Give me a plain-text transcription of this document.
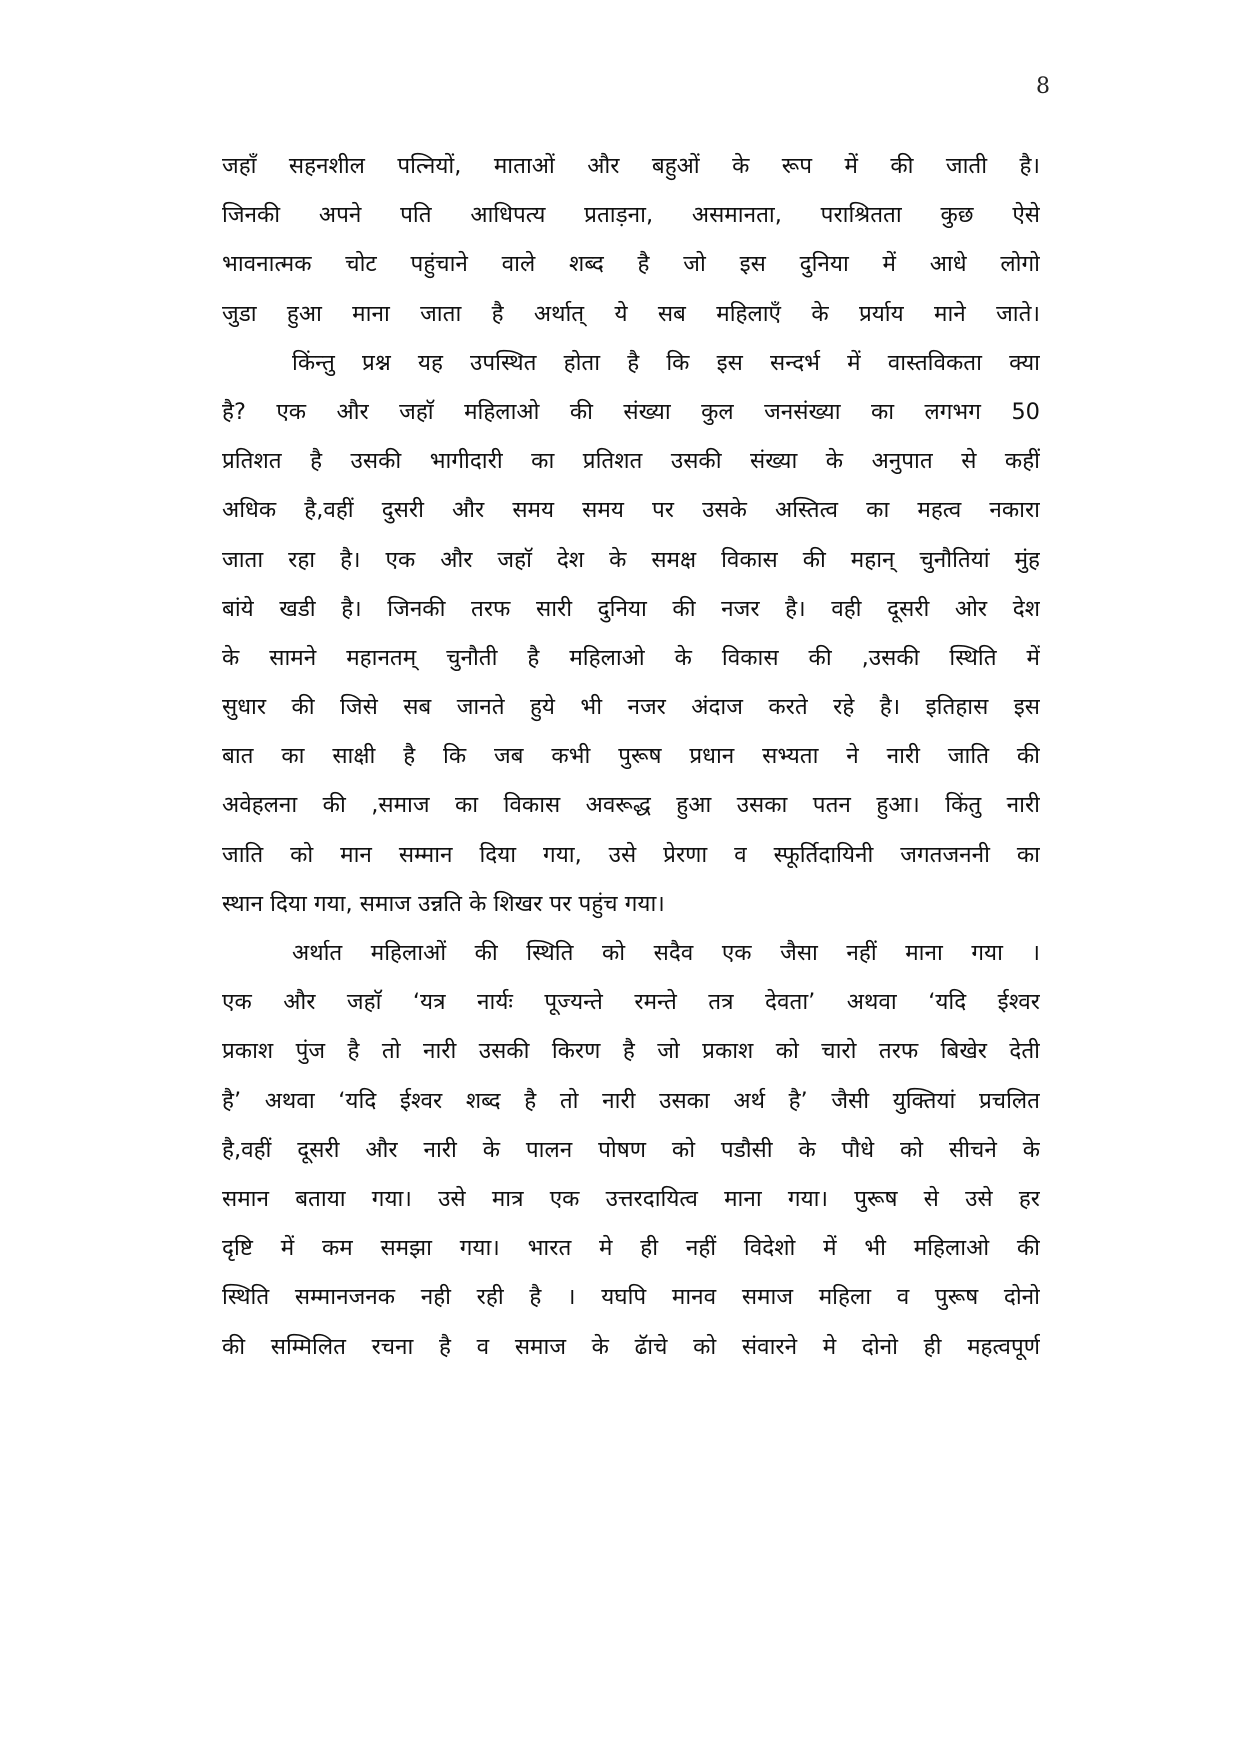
8
जहाँ सहनशील पत्नियों, माताओं और बहुओं के रूप में की जाती है।
जिनकी अपने पति आधिपत्य प्रताड़ना, असमानता, पराश्रितता कुछ ऐसे
भावनात्मक चोट पहुंचाने वाले शब्द है जो इस दुनिया में आधे लोगो
जुडा हुआ माना जाता है अर्थात् ये सब महिलाएँ के प्रर्याय माने जाते।
किंन्तु प्रश्न यह उपस्थित होता है कि इस सन्दर्भ में वास्तविकता क्या
है? एक और जहाॅ महिलाओ की संख्या कुल जनसंख्या का लगभग 50
प्रतिशत है उसकी भागीदारी का प्रतिशत उसकी संख्या के अनुपात से कहीं
अधिक है,वहीं दुसरी और समय समय पर उसके अस्तित्व का महत्व नकारा
जाता रहा है। एक और जहाॅ देश के समक्ष विकास की महान् चुनौतियां मुंह
बांये खडी है। जिनकी तरफ सारी दुनिया की नजर है। वही दूसरी ओर देश
के सामने महानतम् चुनौती है महिलाओ के विकास की ,उसकी स्थिति में
सुधार की जिसे सब जानते हुये भी नजर अंदाज करते रहे है। इतिहास इस
बात का साक्षी है कि जब कभी पुरूष प्रधान सभ्यता ने नारी जाति की
अवेहलना की ,समाज का विकास अवरूद्ध हुआ उसका पतन हुआ। किंतु नारी
जाति को मान सम्मान दिया गया, उसे प्रेरणा व स्फूर्तिदायिनी जगतजननी का
स्थान दिया गया, समाज उन्नति के शिखर पर पहुंच गया।
अर्थात महिलाओं की स्थिति को सदैव एक जैसा नहीं माना गया ।
एक और जहाॅ ‘यत्र नार्यः पूज्यन्ते रमन्ते तत्र देवता’ अथवा ‘यदि ईश्वर
प्रकाश पुंज है तो नारी उसकी किरण है जो प्रकाश को चारो तरफ बिखेर देती
है’ अथवा ‘यदि ईश्वर शब्द है तो नारी उसका अर्थ है’ जैसी युक्तियां प्रचलित
है,वहीं दूसरी और नारी के पालन पोषण को पडौसी के पौधे को सीचने के
समान बताया गया। उसे मात्र एक उत्तरदायित्व माना गया। पुरूष से उसे हर
दृष्टि में कम समझा गया। भारत मे ही नहीं विदेशो में भी महिलाओ की
स्थिति सम्मानजनक नही रही है । यघपि मानव समाज महिला व पुरूष दोनो
की सम्मिलित रचना है व समाज के ढॅाचे को संवारने मे दोनो ही महत्वपूर्ण
